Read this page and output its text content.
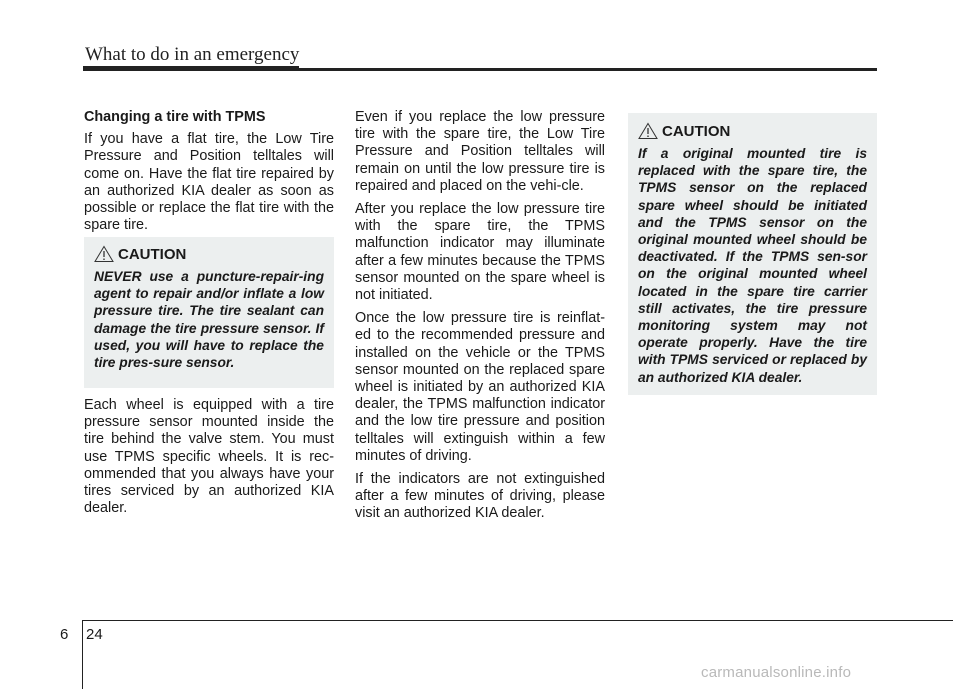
What to do in an emergency

Changing a tire with TPMS

If you have a flat tire, the Low Tire Pressure and Position telltales will come on. Have the flat tire repaired by an authorized KIA dealer as soon as possible or replace the flat tire with the spare tire.

CAUTION
NEVER use a puncture-repair-ing agent to repair and/or inflate a low pressure tire. The tire sealant can damage the tire pressure sensor. If used, you will have to replace the tire pres-sure sensor.

Each wheel is equipped with a tire pressure sensor mounted inside the tire behind the valve stem. You must use TPMS specific wheels. It is rec-ommended that you always have your tires serviced by an authorized KIA dealer.

Even if you replace the low pressure tire with the spare tire, the Low Tire Pressure and Position telltales will remain on until the low pressure tire is repaired and placed on the vehi-cle.

After you replace the low pressure tire with the spare tire, the TPMS malfunction indicator may illuminate after a few minutes because the TPMS sensor mounted on the spare wheel is not initiated.

Once the low pressure tire is reinflat-ed to the recommended pressure and installed on the vehicle or the TPMS sensor mounted on the replaced spare wheel is initiated by an authorized KIA dealer, the TPMS malfunction indicator and the low tire pressure and position telltales will extinguish within a few minutes of driving.

If the indicators are not extinguished after a few minutes of driving, please visit an authorized KIA dealer.

CAUTION
If a original mounted tire is replaced with the spare tire, the TPMS sensor on the replaced spare wheel should be initiated and the TPMS sensor on the original mounted wheel should be deactivated. If the TPMS sen-sor on the original mounted wheel located in the spare tire carrier still activates, the tire pressure monitoring system may not operate properly. Have the tire with TPMS serviced or replaced by an authorized KIA dealer.
6 24
carmanualsonline.info
